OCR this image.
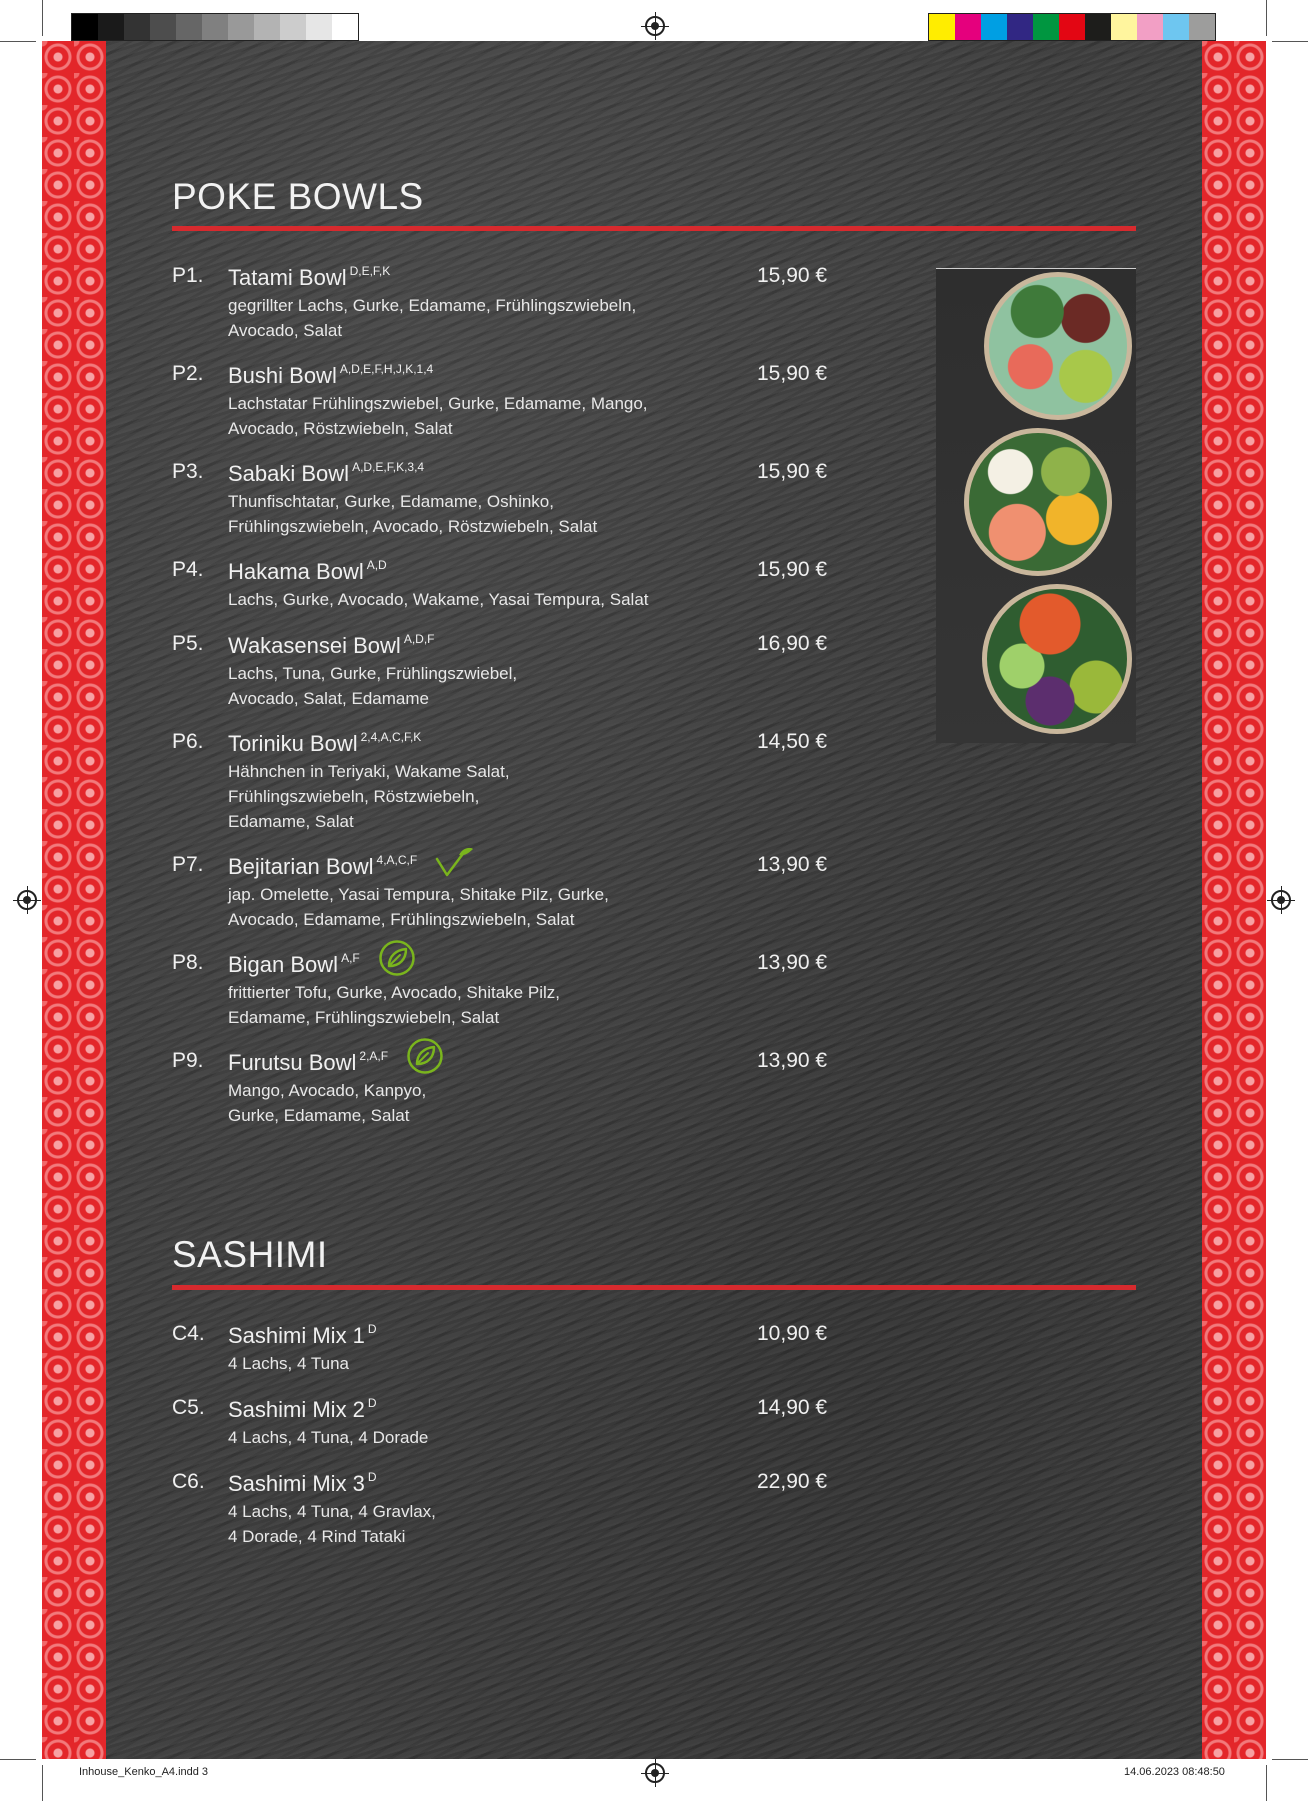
POKE BOWLS
P1. Tatami Bowl $^{D,E,F,K}$
gegrillter Lachs, Gurke, Edamame, Frühlingszwiebeln, Avocado, Salat
15,90 €
P2. Bushi Bowl $^{A,D,E,F,H,J,K,1,4}$
Lachstatar Frühlingszwiebel, Gurke, Edamame, Mango, Avocado, Röstzwiebeln, Salat
15,90 €
P3. Sabaki Bowl $^{A,D,E,F,K,3,4}$
Thunfischtatar, Gurke, Edamame, Oshinko, Frühlingszwiebeln, Avocado, Röstzwiebeln, Salat
15,90 €
P4. Hakama Bowl $^{A,D}$
Lachs, Gurke, Avocado, Wakame, Yasai Tempura, Salat
15,90 €
P5. Wakasensei Bowl $^{A,D,F}$
Lachs, Tuna, Gurke, Frühlingszwiebel, Avocado, Salat, Edamame
16,90 €
P6. Toriniku Bowl $^{2,4,A,C,F,K}$
Hähnchen in Teriyaki, Wakame Salat, Frühlingszwiebeln, Röstzwiebeln, Edamame, Salat
14,50 €
P7. Bejitarian Bowl $^{4,A,C,F}$
jap. Omelette, Yasai Tempura, Shitake Pilz, Gurke, Avocado, Edamame, Frühlingszwiebeln, Salat
13,90 €
P8. Bigan Bowl $^{A,F}$
frittierter Tofu, Gurke, Avocado, Shitake Pilz, Edamame, Frühlingszwiebeln, Salat
13,90 €
P9. Furutsu Bowl $^{2,A,F}$
Mango, Avocado, Kanpyo, Gurke, Edamame, Salat
13,90 €
SASHIMI
C4. Sashimi Mix 1 $^D$
4 Lachs, 4 Tuna
10,90 €
C5. Sashimi Mix 2 $^D$
4 Lachs, 4 Tuna, 4 Dorade
14,90 €
C6. Sashimi Mix 3 $^D$
4 Lachs, 4 Tuna, 4 Gravlax, 4 Dorade, 4 Rind Tataki
22,90 €
Inhouse_Kenko_A4.indd 3	14.06.2023 08:48:50
